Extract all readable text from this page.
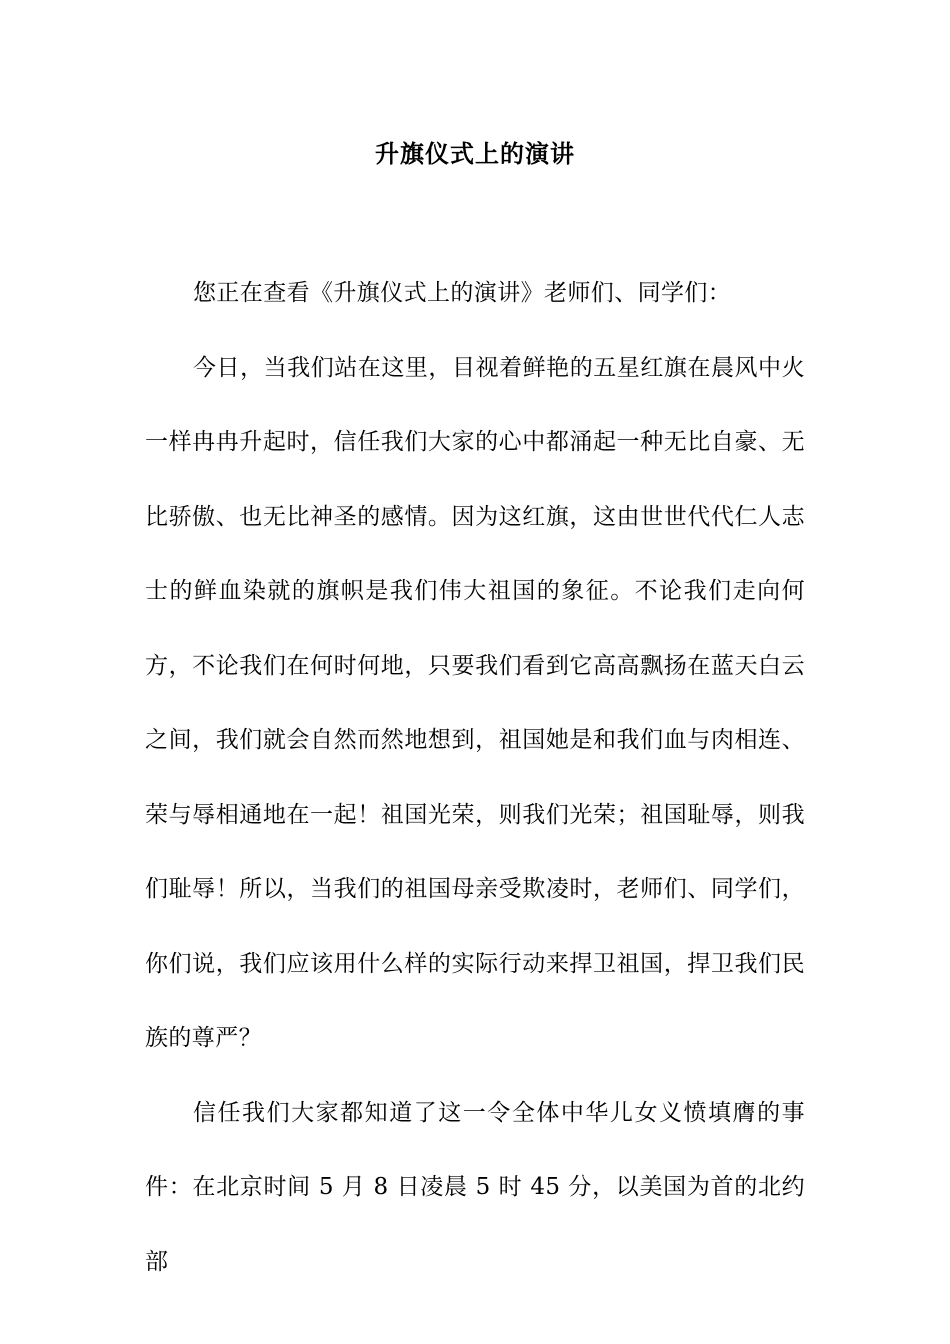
升旗仪式上的演讲

您正在查看《升旗仪式上的演讲》老师们、同学们：

今日，当我们站在这里，目视着鲜艳的五星红旗在晨风中火一样冉冉升起时，信任我们大家的心中都涌起一种无比自豪、无比骄傲、也无比神圣的感情。因为这红旗，这由世世代代仁人志士的鲜血染就的旗帜是我们伟大祖国的象征。不论我们走向何方，不论我们在何时何地，只要我们看到它高高飘扬在蓝天白云之间，我们就会自然而然地想到，祖国她是和我们血与肉相连、荣与辱相通地在一起！祖国光荣，则我们光荣；祖国耻辱，则我们耻辱！所以，当我们的祖国母亲受欺凌时，老师们、同学们，你们说，我们应该用什么样的实际行动来捍卫祖国，捍卫我们民族的尊严？

信任我们大家都知道了这一令全体中华儿女义愤填膺的事件：在北京时间 5 月 8 日凌晨 5 时 45 分，以美国为首的北约部
